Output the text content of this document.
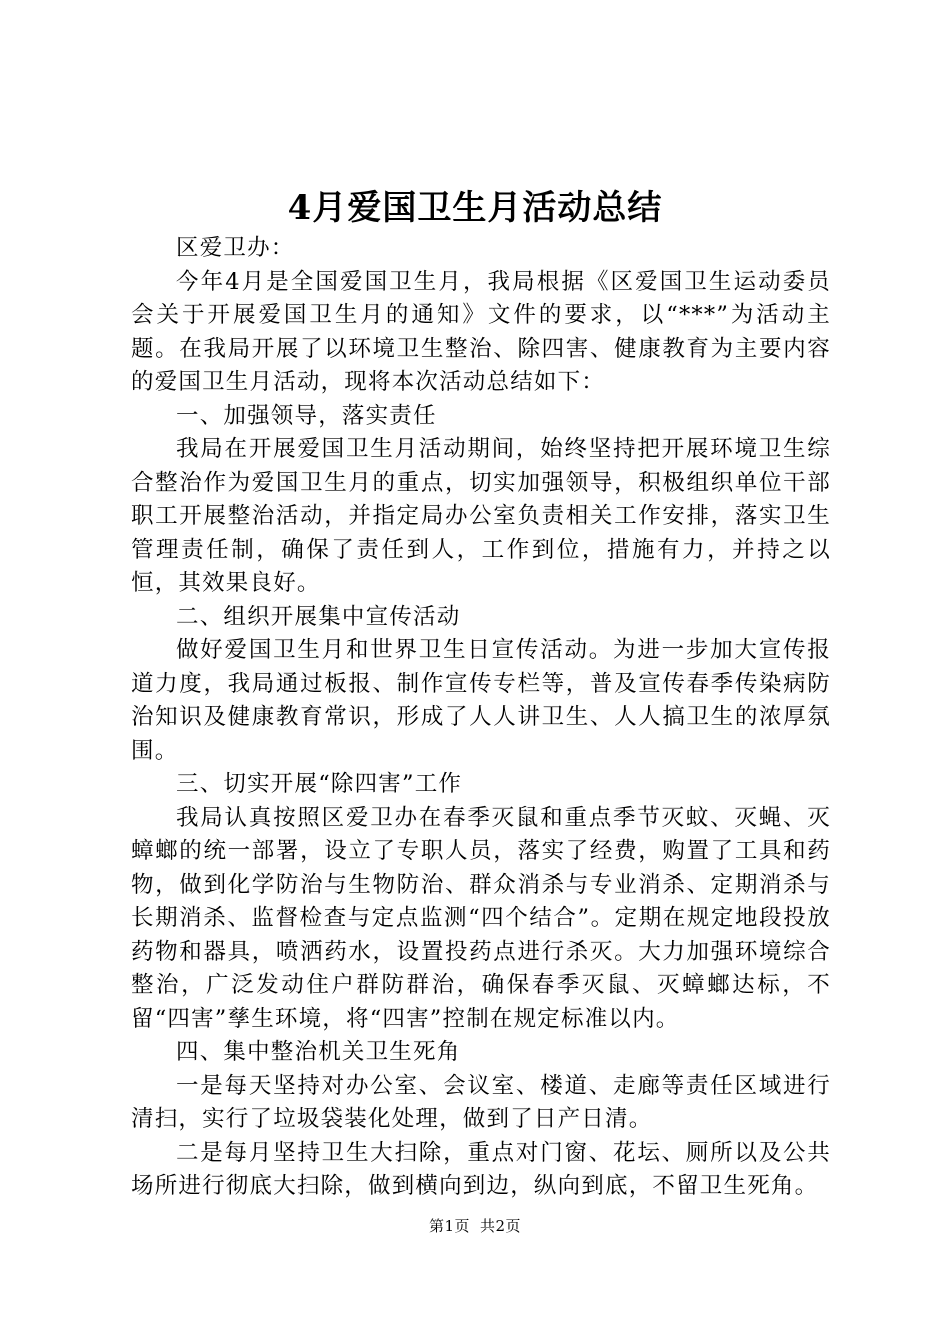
4月爱国卫生月活动总结

区爱卫办：

今年4月是全国爱国卫生月，我局根据《区爱国卫生运动委员会关于开展爱国卫生月的通知》文件的要求，以“***”为活动主题。在我局开展了以环境卫生整治、除四害、健康教育为主要内容的爱国卫生月活动，现将本次活动总结如下：

一、加强领导，落实责任

我局在开展爱国卫生月活动期间，始终坚持把开展环境卫生综合整治作为爱国卫生月的重点，切实加强领导，积极组织单位干部职工开展整治活动，并指定局办公室负责相关工作安排，落实卫生管理责任制，确保了责任到人，工作到位，措施有力，并持之以恒，其效果良好。

二、组织开展集中宣传活动

做好爱国卫生月和世界卫生日宣传活动。为进一步加大宣传报道力度，我局通过板报、制作宣传专栏等，普及宣传春季传染病防治知识及健康教育常识，形成了人人讲卫生、人人搞卫生的浓厚氛围。

三、切实开展“除四害”工作

我局认真按照区爱卫办在春季灭鼠和重点季节灭蚊、灭蝇、灭蟑螂的统一部署，设立了专职人员，落实了经费，购置了工具和药物，做到化学防治与生物防治、群众消杀与专业消杀、定期消杀与长期消杀、监督检查与定点监测“四个结合”。定期在规定地段投放药物和器具，喷洒药水，设置投药点进行杀灭。大力加强环境综合整治，广泛发动住户群防群治，确保春季灭鼠、灭蟑螂达标，不留“四害”孳生环境，将“四害”控制在规定标准以内。

四、集中整治机关卫生死角

一是每天坚持对办公室、会议室、楼道、走廊等责任区域进行清扫，实行了垃圾袋装化处理，做到了日产日清。

二是每月坚持卫生大扫除，重点对门窗、花坛、厕所以及公共场所进行彻底大扫除，做到横向到边，纵向到底，不留卫生死角。

第1页 共2页
